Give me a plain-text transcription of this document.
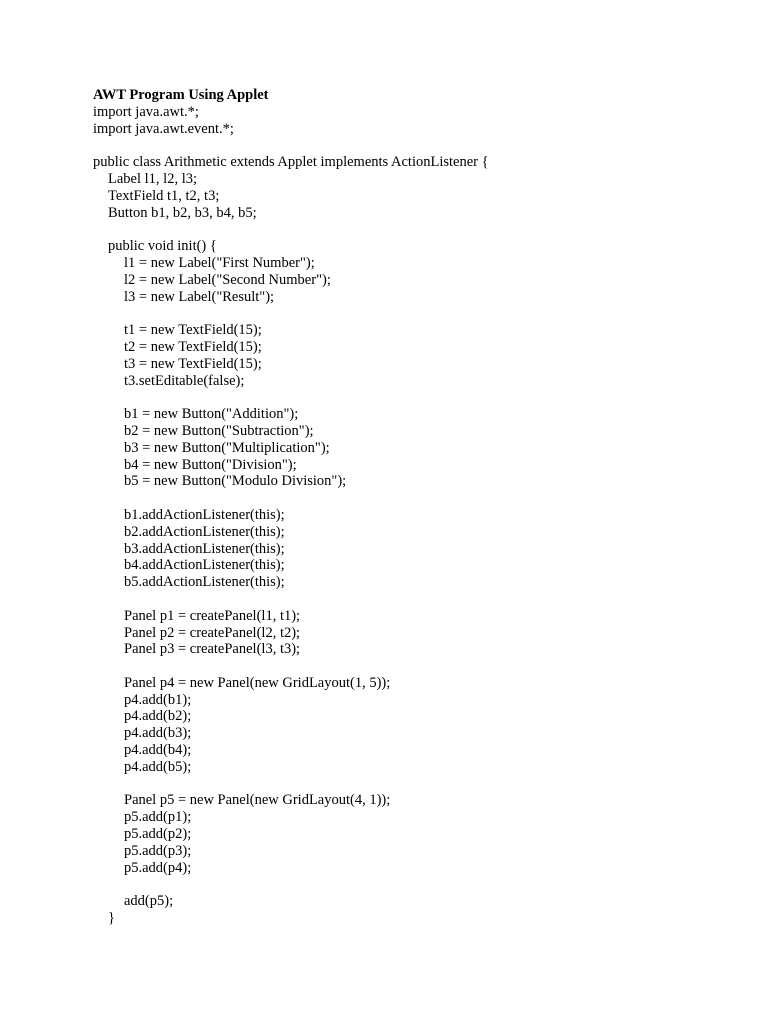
AWT Program Using Applet
import java.awt.*;
import java.awt.event.*;
public class Arithmetic extends Applet implements ActionListener {
Label l1, l2, l3;
TextField t1, t2, t3;
Button b1, b2, b3, b4, b5;
public void init() {
l1 = new Label("First Number");
l2 = new Label("Second Number");
l3 = new Label("Result");
t1 = new TextField(15);
t2 = new TextField(15);
t3 = new TextField(15);
t3.setEditable(false);
b1 = new Button("Addition");
b2 = new Button("Subtraction");
b3 = new Button("Multiplication");
b4 = new Button("Division");
b5 = new Button("Modulo Division");
b1.addActionListener(this);
b2.addActionListener(this);
b3.addActionListener(this);
b4.addActionListener(this);
b5.addActionListener(this);
Panel p1 = createPanel(l1, t1);
Panel p2 = createPanel(l2, t2);
Panel p3 = createPanel(l3, t3);
Panel p4 = new Panel(new GridLayout(1, 5));
p4.add(b1);
p4.add(b2);
p4.add(b3);
p4.add(b4);
p4.add(b5);
Panel p5 = new Panel(new GridLayout(4, 1));
p5.add(p1);
p5.add(p2);
p5.add(p3);
p5.add(p4);
add(p5);
}
